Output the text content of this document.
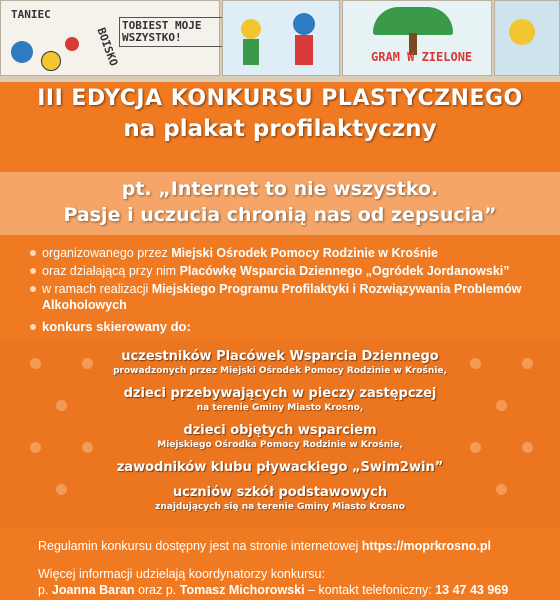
TANIEC
BOISKO
TOBIEST MOJE
WSZYSTKO!
GRAM W ZIELONE
III EDYCJA KONKURSU PLASTYCZNEGO
na plakat profilaktyczny
pt. „Internet to nie wszystko.
Pasje i uczucia chronią nas od zepsucia”
organizowanego przez Miejski Ośrodek Pomocy Rodzinie w Krośnie
oraz działającą przy nim Placówkę Wsparcia Dziennego „Ogródek Jordanowski”
w ramach realizacji Miejskiego Programu Profilaktyki i Rozwiązywania Problemów Alkoholowych
konkurs skierowany do:
uczestników Placówek Wsparcia Dziennego
prowadzonych przez Miejski Ośrodek Pomocy Rodzinie w Krośnie,
dzieci przebywających w pieczy zastępczej
na terenie Gminy Miasto Krosno,
dzieci objętych wsparciem
Miejskiego Ośrodka Pomocy Rodzinie w Krośnie,
zawodników klubu pływackiego „Swim2win”
uczniów szkół podstawowych
znajdujących się na terenie Gminy Miasto Krosno
Regulamin konkursu dostępny jest na stronie internetowej https://moprkrosno.pl
Więcej informacji udzielają koordynatorzy konkursu:
p. Joanna Baran oraz p. Tomasz Michorowski – kontakt telefoniczny: 13 47 43 969
